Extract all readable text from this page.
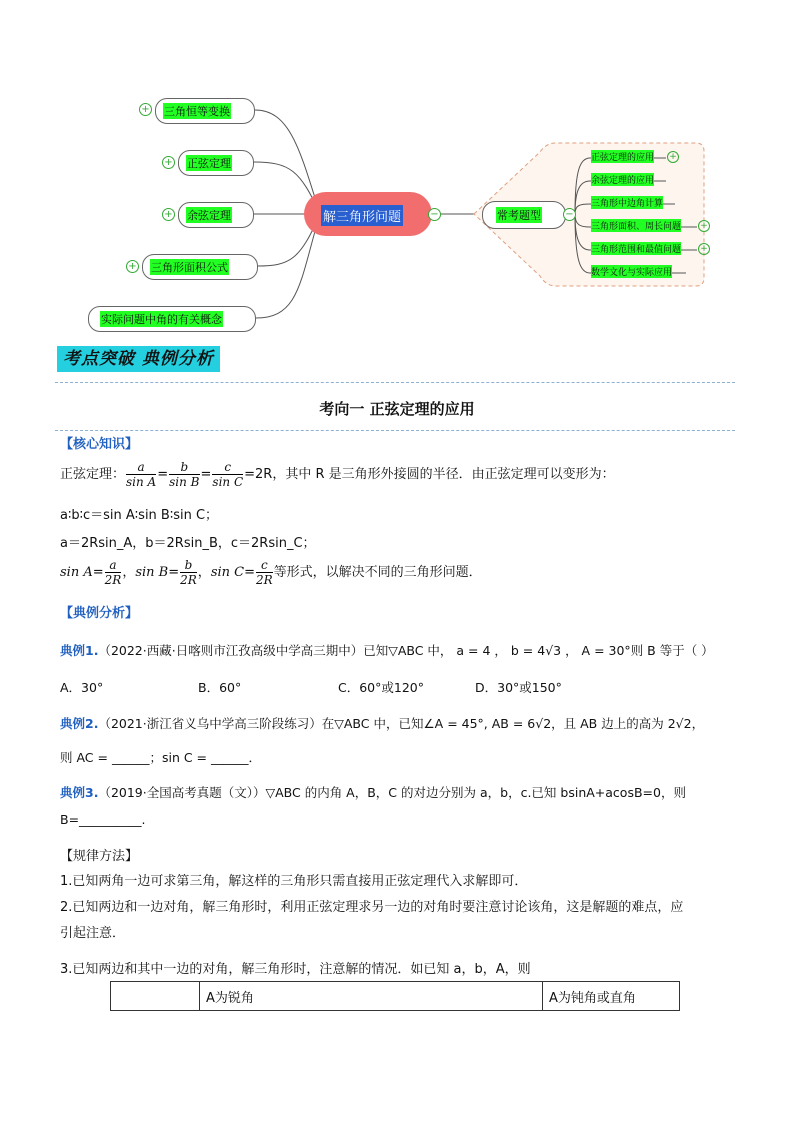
三角恒等变换
正弦定理
余弦定理
三角形面积公式
实际问题中角的有关概念
+
+
+
+
解三角形问题	−	常考题型 −
正弦定理的应用
余弦定理的应用
三角形中边角计算
三角形面积、周长问题
三角形范围和最值问题
数学文化与实际应用
+
+
+
考点突破 典例分析
考向一 正弦定理的应用
【核心知识】
正弦定理： $\frac{a}{\text{sin A}} = \frac{b}{\text{sin B}} = \frac{c}{\text{sin C}} =2R$，其中 R 是三角形外接圆的半径．由正弦定理可以变形为：
a∶b∶c＝sin A∶sin B∶sin C；
a＝2Rsin_A，b＝2Rsin_B，c＝2Rsin_C；
$\sin A= \frac{a}{2R}$ ，$\sin B= \frac{b}{2R}$ ，$\sin C= \frac{c}{2R}$ 等形式，以解决不同的三角形问题．
【典例分析】
典例1.（2022·西藏·日喀则市江孜高级中学高三期中）已知▽ABC 中， a = 4 ， b = 4√3 ， A = 30°则 B 等于（ ）
A．30°	B．60°	C．60°或120°	D．30°或150°
典例2.（2021·浙江省义乌中学高三阶段练习）在▽ABC 中，已知∠A = 45°, AB = 6√2，且 AB 边上的高为 2√2，
则 AC = ______；sin C = ______．
典例3.（2019·全国高考真题（文））▽ABC 的内角 A，B，C 的对边分别为 a，b，c.已知 bsinA+acosB=0，则
B=__________.
【规律方法】
1.已知两角一边可求第三角，解这样的三角形只需直接用正弦定理代入求解即可．
2.已知两边和一边对角，解三角形时，利用正弦定理求另一边的对角时要注意讨论该角，这是解题的难点，应
引起注意．
3.已知两边和其中一边的对角，解三角形时，注意解的情况．如已知 a，b，A，则
	A为锐角	A为钝角或直角
